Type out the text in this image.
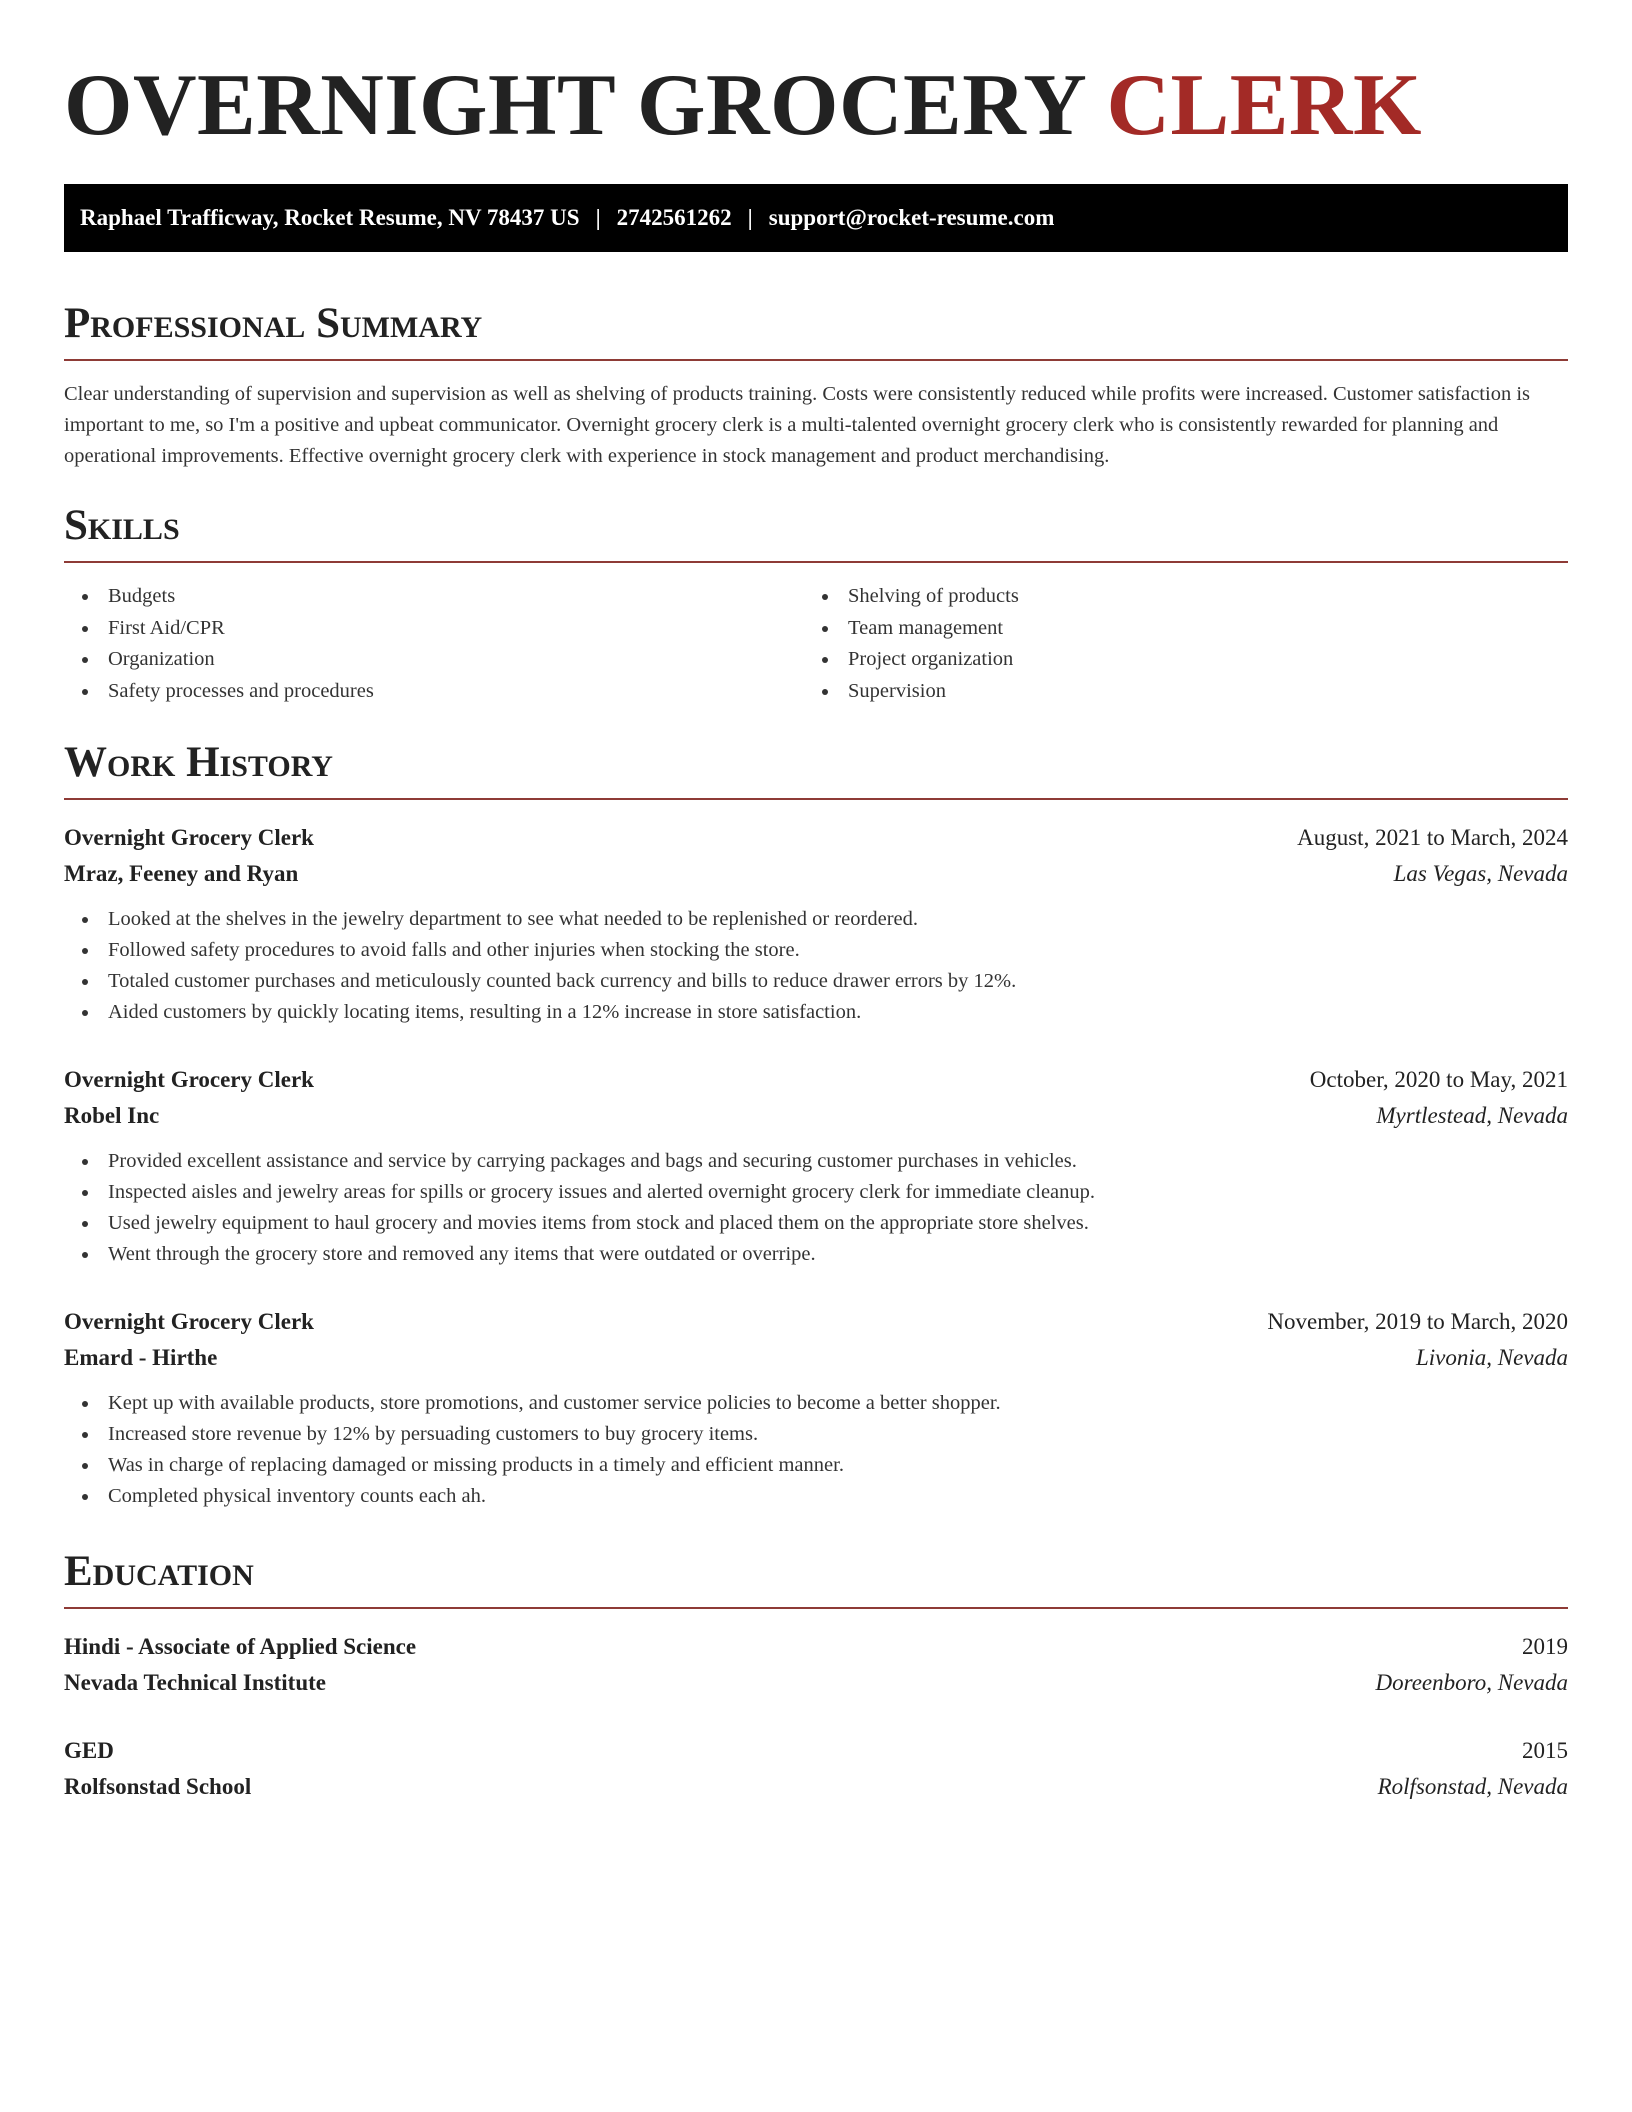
OVERNIGHT GROCERY CLERK
Raphael Trafficway, Rocket Resume, NV 78437 US | 2742561262 | support@rocket-resume.com
Professional Summary

Clear understanding of supervision and supervision as well as shelving of products training. Costs were consistently reduced while profits were increased. Customer satisfaction is important to me, so I'm a positive and upbeat communicator. Overnight grocery clerk is a multi-talented overnight grocery clerk who is consistently rewarded for planning and operational improvements. Effective overnight grocery clerk with experience in stock management and product merchandising.

Skills
Budgets
First Aid/CPR
Organization
Safety processes and procedures
Shelving of products
Team management
Project organization
Supervision
Work History
Overnight Grocery Clerk	August, 2021 to March, 2024
Mraz, Feeney and Ryan	Las Vegas, Nevada
Looked at the shelves in the jewelry department to see what needed to be replenished or reordered.
Followed safety procedures to avoid falls and other injuries when stocking the store.
Totaled customer purchases and meticulously counted back currency and bills to reduce drawer errors by 12%.
Aided customers by quickly locating items, resulting in a 12% increase in store satisfaction.
Overnight Grocery Clerk	October, 2020 to May, 2021
Robel Inc	Myrtlestead, Nevada
Provided excellent assistance and service by carrying packages and bags and securing customer purchases in vehicles.
Inspected aisles and jewelry areas for spills or grocery issues and alerted overnight grocery clerk for immediate cleanup.
Used jewelry equipment to haul grocery and movies items from stock and placed them on the appropriate store shelves.
Went through the grocery store and removed any items that were outdated or overripe.
Overnight Grocery Clerk	November, 2019 to March, 2020
Emard - Hirthe	Livonia, Nevada
Kept up with available products, store promotions, and customer service policies to become a better shopper.
Increased store revenue by 12% by persuading customers to buy grocery items.
Was in charge of replacing damaged or missing products in a timely and efficient manner.
Completed physical inventory counts each ah.
Education
Hindi - Associate of Applied Science	2019
Nevada Technical Institute	Doreenboro, Nevada
GED	2015
Rolfsonstad School	Rolfsonstad, Nevada
